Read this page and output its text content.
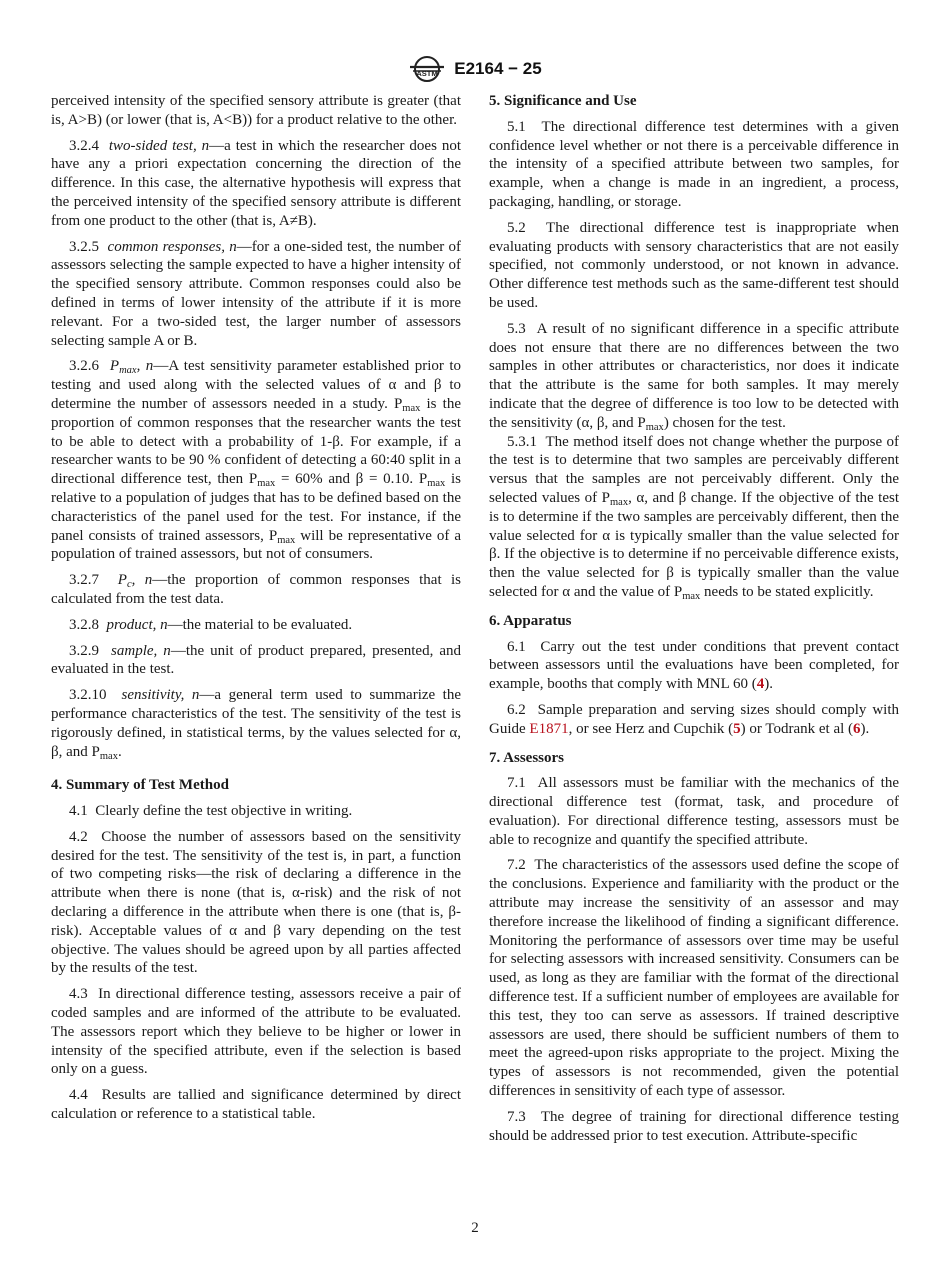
ASTM E2164 − 25

perceived intensity of the specified sensory attribute is greater (that is, A>B) (or lower (that is, A<B)) for a product relative to the other.

3.2.4 two-sided test, n—a test in which the researcher does not have any a priori expectation concerning the direction of the difference. In this case, the alternative hypothesis will express that the perceived intensity of the specified sensory attribute is different from one product to the other (that is, A≠B).

3.2.5 common responses, n—for a one-sided test, the number of assessors selecting the sample expected to have a higher intensity of the specified sensory attribute. Common responses could also be defined in terms of lower intensity of the attribute if it is more relevant. For a two-sided test, the larger number of assessors selecting sample A or B.

3.2.6 $P_{max}$, n—A test sensitivity parameter established prior to testing and used along with the selected values of α and β to determine the number of assessors needed in a study. $P_{max}$ is the proportion of common responses that the researcher wants the test to be able to detect with a probability of 1-β. For example, if a researcher wants to be 90 % confident of detecting a 60:40 split in a directional difference test, then $P_{max} = 60\%$ and β = 0.10. $P_{max}$ is relative to a population of judges that has to be defined based on the characteristics of the panel used for the test. For instance, if the panel consists of trained assessors, $P_{max}$ will be representative of a population of trained assessors, but not of consumers.

3.2.7 $P_c$, n—the proportion of common responses that is calculated from the test data.

3.2.8 product, n—the material to be evaluated.

3.2.9 sample, n—the unit of product prepared, presented, and evaluated in the test.

3.2.10 sensitivity, n—a general term used to summarize the performance characteristics of the test. The sensitivity of the test is rigorously defined, in statistical terms, by the values selected for α, β, and $P_{max}$.

4. Summary of Test Method

4.1 Clearly define the test objective in writing.

4.2 Choose the number of assessors based on the sensitivity desired for the test. The sensitivity of the test is, in part, a function of two competing risks—the risk of declaring a difference in the attribute when there is none (that is, α-risk) and the risk of not declaring a difference in the attribute when there is one (that is, β-risk). Acceptable values of α and β vary depending on the test objective. The values should be agreed upon by all parties affected by the results of the test.

4.3 In directional difference testing, assessors receive a pair of coded samples and are informed of the attribute to be evaluated. The assessors report which they believe to be higher or lower in intensity of the specified attribute, even if the selection is based only on a guess.

4.4 Results are tallied and significance determined by direct calculation or reference to a statistical table.

5. Significance and Use

5.1 The directional difference test determines with a given confidence level whether or not there is a perceivable difference in the intensity of a specified attribute between two samples, for example, when a change is made in an ingredient, a process, packaging, handling, or storage.

5.2 The directional difference test is inappropriate when evaluating products with sensory characteristics that are not easily specified, not commonly understood, or not known in advance. Other difference test methods such as the same-different test should be used.

5.3 A result of no significant difference in a specific attribute does not ensure that there are no differences between the two samples in other attributes or characteristics, nor does it indicate that the attribute is the same for both samples. It may merely indicate that the degree of difference is too low to be detected with the sensitivity (α, β, and $P_{max}$) chosen for the test.

5.3.1 The method itself does not change whether the purpose of the test is to determine that two samples are perceivably different versus that the samples are not perceivably different. Only the selected values of $P_{max}$, α, and β change. If the objective of the test is to determine if the two samples are perceivably different, then the value selected for α is typically smaller than the value selected for β. If the objective is to determine if no perceivable difference exists, then the value selected for β is typically smaller than the value selected for α and the value of $P_{max}$ needs to be stated explicitly.

6. Apparatus

6.1 Carry out the test under conditions that prevent contact between assessors until the evaluations have been completed, for example, booths that comply with MNL 60 (4).

6.2 Sample preparation and serving sizes should comply with Guide E1871, or see Herz and Cupchik (5) or Todrank et al (6).

7. Assessors

7.1 All assessors must be familiar with the mechanics of the directional difference test (format, task, and procedure of evaluation). For directional difference testing, assessors must be able to recognize and quantify the specified attribute.

7.2 The characteristics of the assessors used define the scope of the conclusions. Experience and familiarity with the product or the attribute may increase the sensitivity of an assessor and may therefore increase the likelihood of finding a significant difference. Monitoring the performance of assessors over time may be useful for selecting assessors with increased sensitivity. Consumers can be used, as long as they are familiar with the format of the directional difference test. If a sufficient number of employees are available for this test, they too can serve as assessors. If trained descriptive assessors are used, there should be sufficient numbers of them to meet the agreed-upon risks appropriate to the project. Mixing the types of assessors is not recommended, given the potential differences in sensitivity of each type of assessor.

7.3 The degree of training for directional difference testing should be addressed prior to test execution. Attribute-specific

2
